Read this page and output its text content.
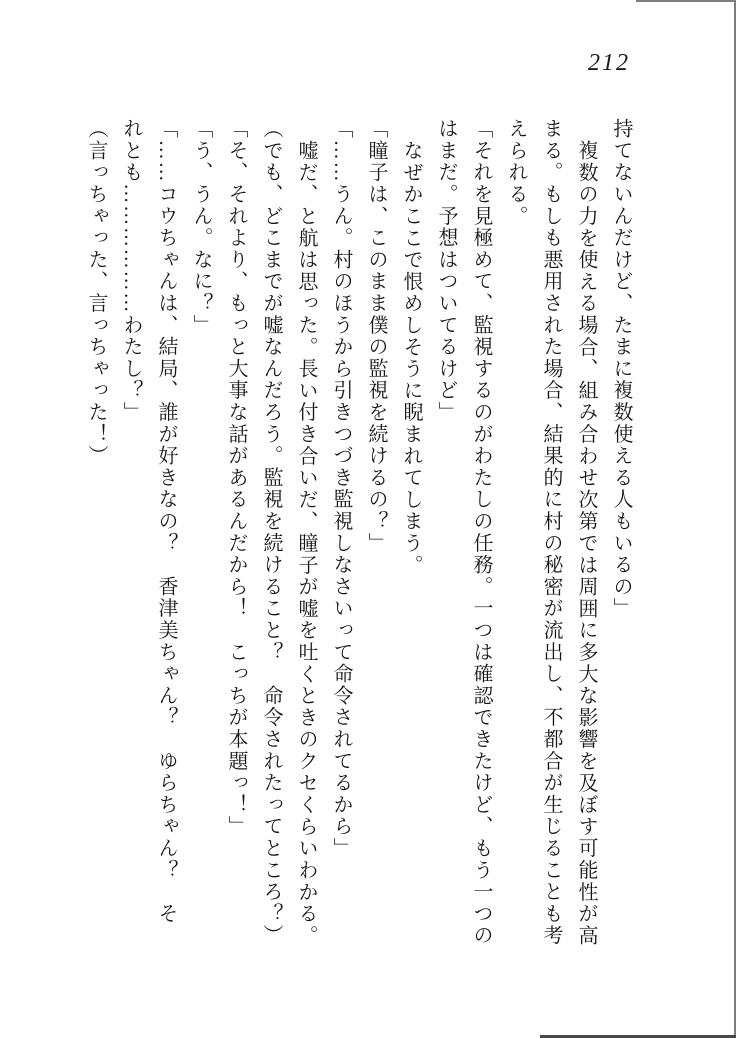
212

持てないんだけど、たまに複数使える人もいるの」

複数の力を使える場合、組み合わせ次第では周囲に多大な影響を及ぼす可能性が高

まる。もしも悪用された場合、結果的に村の秘密が流出し、不都合が生じることも考

えられる。

「それを見極めて、監視するのがわたしの任務。一つは確認できたけど、もう一つの

はまだ。予想はついてるけど」

なぜかここで恨めしそうに睨まれてしまう。

「瞳子は、このまま僕の監視を続けるの？」

「……うん。村のほうから引きつづき監視しなさいって命令されてるから」

嘘だ、と航は思った。長い付き合いだ、瞳子が嘘を吐くときのクセくらいわかる。

（でも、どこまでが嘘なんだろう。監視を続けること？　命令されたってところ？）

「そ、それより、もっと大事な話があるんだから！　こっちが本題っ！」

「う、うん。なに？」

「……コウちゃんは、結局、誰が好きなの？　香津美ちゃん？　ゆらちゃん？　そ

れとも………………わたし？」

（言っちゃった、言っちゃった！）
